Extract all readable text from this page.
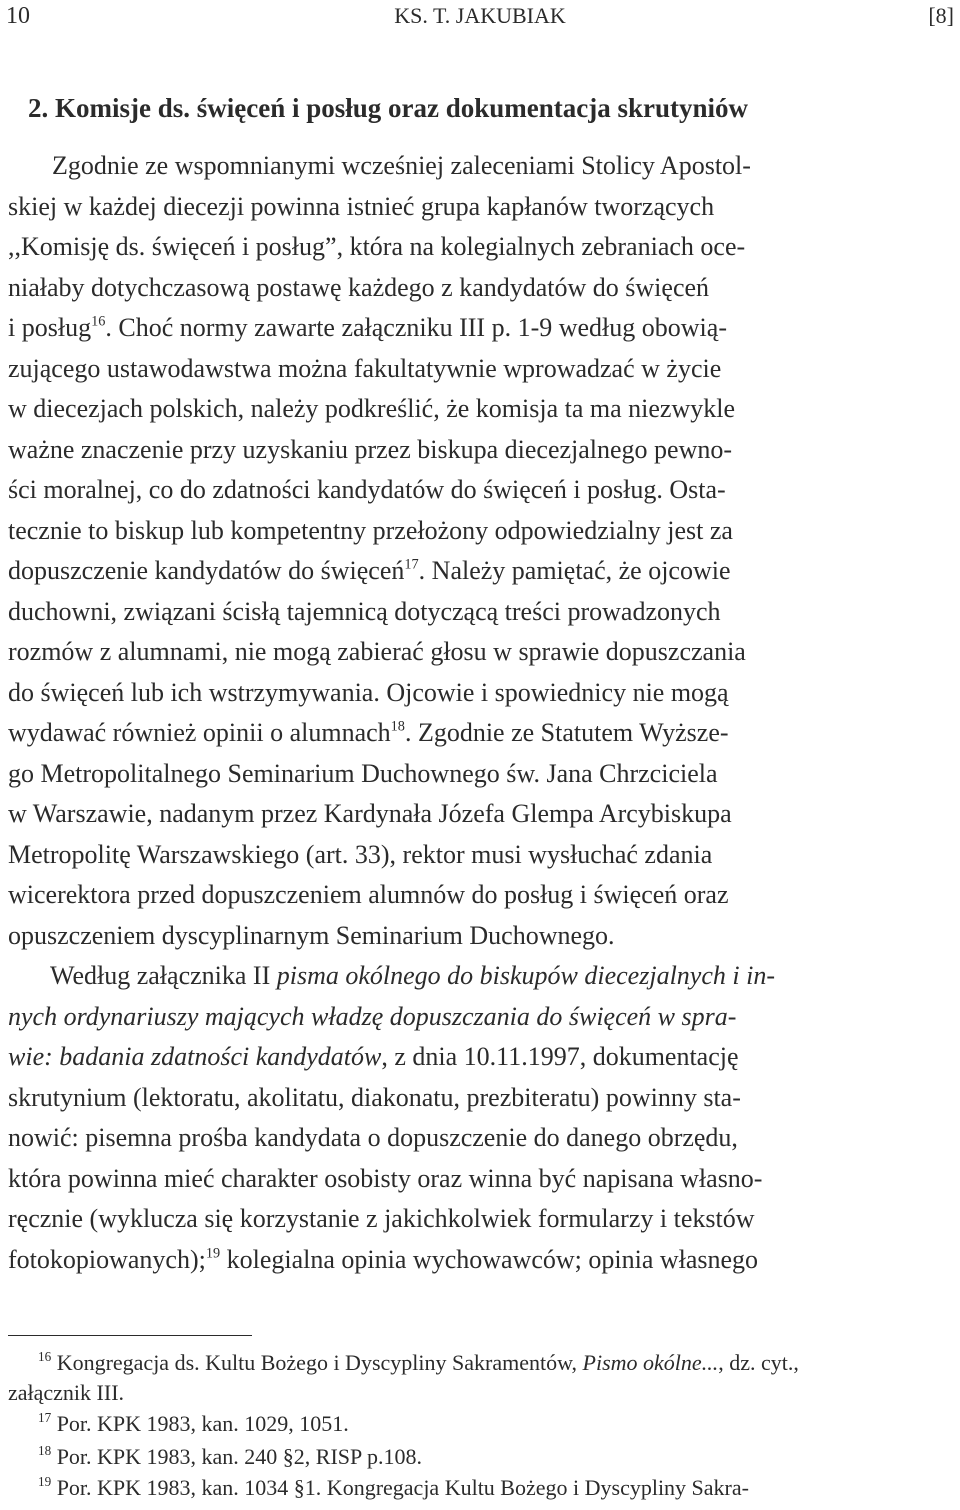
10	KS. T. JAKUBIAK	[8]
2. Komisje ds. święceń i posług oraz dokumentacja skrutyniów
Zgodnie ze wspomnianymi wcześniej zaleceniami Stolicy Apostol-
skiej w każdej diecezji powinna istnieć grupa kapłanów tworzących
,,Komisję ds. święceń i posług”, która na kolegialnych zebraniach oce-
niałaby dotychczasową postawę każdego z kandydatów do święceń
i posług$^{16}$. Choć normy zawarte załączniku III p. 1-9 według obowią-
zującego ustawodawstwa można fakultatywnie wprowadzać w życie
w diecezjach polskich, należy podkreślić, że komisja ta ma niezwykle
ważne znaczenie przy uzyskaniu przez biskupa diecezjalnego pewno-
ści moralnej, co do zdatności kandydatów do święceń i posług. Osta-
tecznie to biskup lub kompetentny przełożony odpowiedzialny jest za
dopuszczenie kandydatów do święceń$^{17}$. Należy pamiętać, że ojcowie
duchowni, związani ścisłą tajemnicą dotyczącą treści prowadzonych
rozmów z alumnami, nie mogą zabierać głosu w sprawie dopuszczania
do święceń lub ich wstrzymywania. Ojcowie i spowiednicy nie mogą
wydawać również opinii o alumnach$^{18}$. Zgodnie ze Statutem Wyższe-
go Metropolitalnego Seminarium Duchownego św. Jana Chrzciciela
w Warszawie, nadanym przez Kardynała Józefa Glempa Arcybiskupa
Metropolitę Warszawskiego (art. 33), rektor musi wysłuchać zdania
wicerektora przed dopuszczeniem alumnów do posług i święceń oraz
opuszczeniem dyscyplinarnym Seminarium Duchownego.
Według załącznika II pisma okólnego do biskupów diecezjalnych i in-
nych ordynariuszy mających władzę dopuszczania do święceń w spra-
wie: badania zdatności kandydatów, z dnia 10.11.1997, dokumentację
skrutynium (lektoratu, akolitatu, diakonatu, prezbiteratu) powinny sta-
nowić: pisemna prośba kandydata o dopuszczenie do danego obrzędu,
która powinna mieć charakter osobisty oraz winna być napisana własno-
ręcznie (wyklucza się korzystanie z jakichkolwiek formularzy i tekstów
fotokopiowanych);$^{19}$ kolegialna opinia wychowawców; opinia własnego
$^{16}$ Kongregacja ds. Kultu Bożego i Dyscypliny Sakramentów, Pismo okólne..., dz. cyt.,
załącznik III.
$^{17}$ Por. KPK 1983, kan. 1029, 1051.
$^{18}$ Por. KPK 1983, kan. 240 §2, RISP p.108.
$^{19}$ Por. KPK 1983, kan. 1034 §1. Kongregacja Kultu Bożego i Dyscypliny Sakra-
